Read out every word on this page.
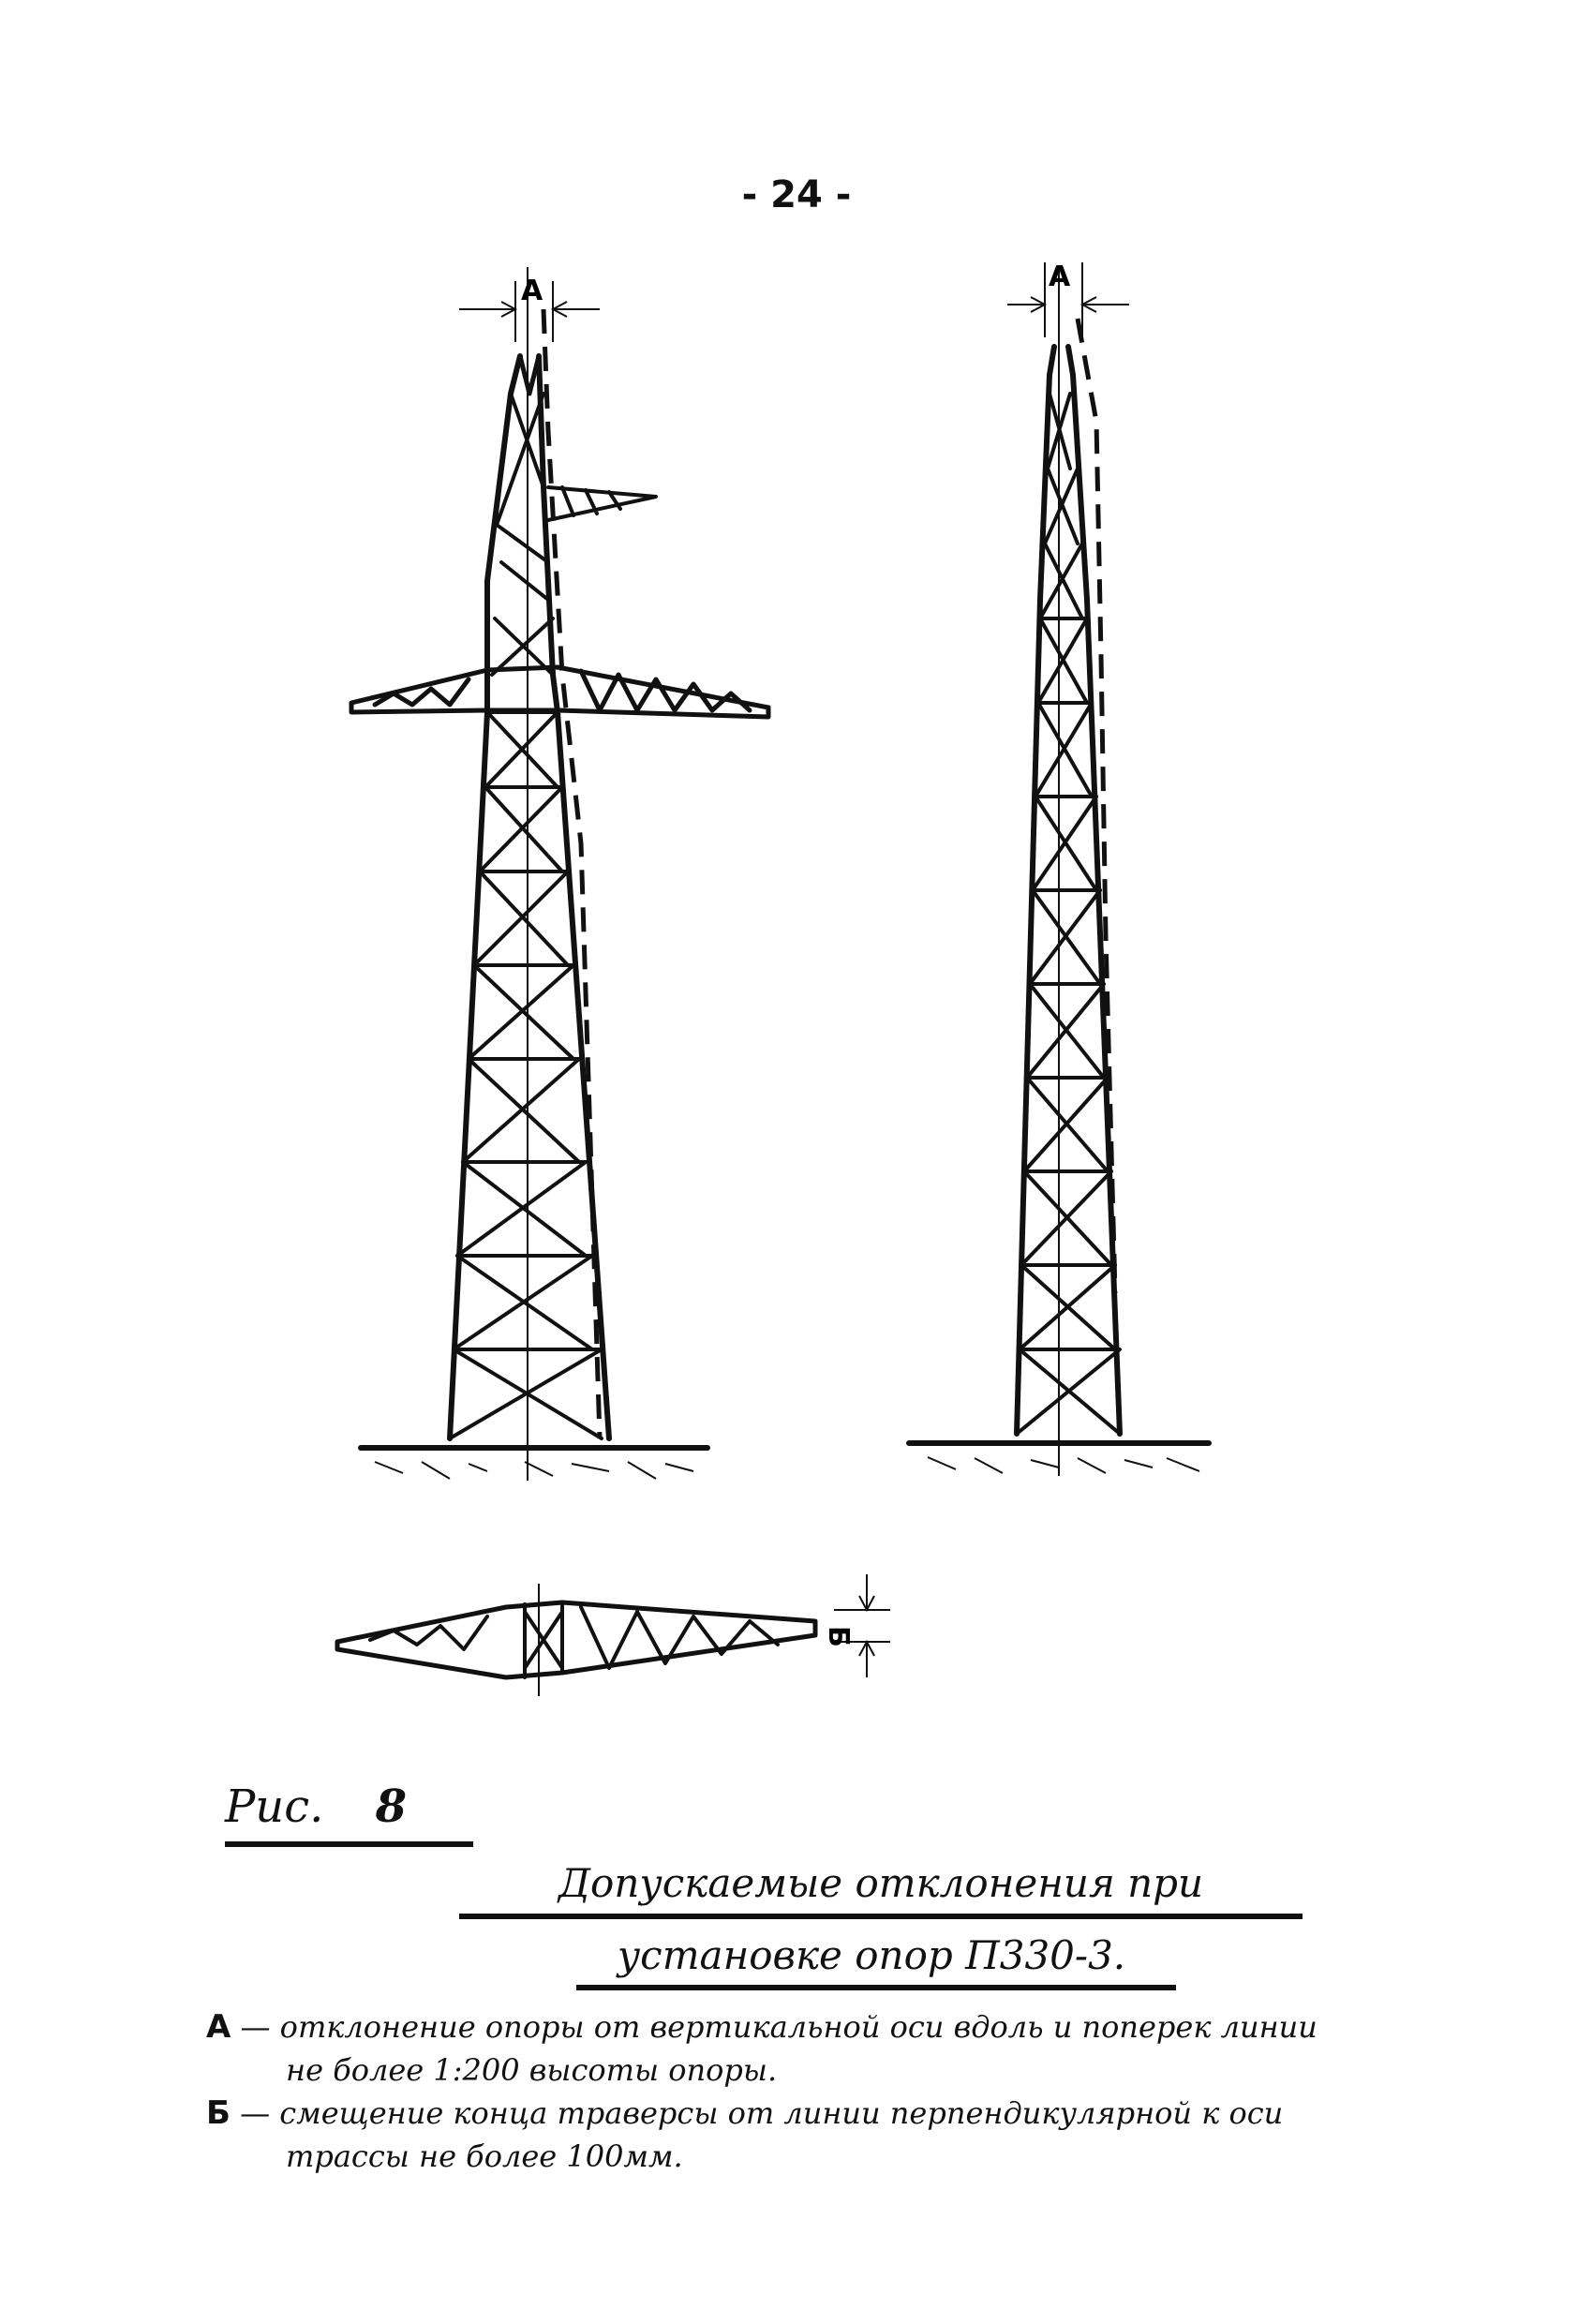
- 24 -
A	A
Б
Рис. 8
Допускаемые отклонения при
установке опор П330-3.
А — отклонение опоры от вертикальной оси вдоль и поперек линии
не более 1:200 высоты опоры.
Б — смещение конца траверсы от линии перпендикулярной к оси
трассы не более 100мм.
